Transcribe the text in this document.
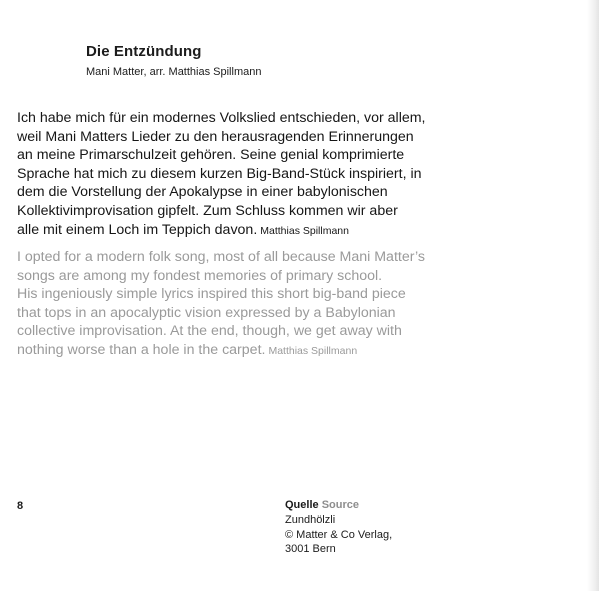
Die Entzündung
Mani Matter, arr. Matthias Spillmann
Ich habe mich für ein modernes Volkslied entschieden, vor allem,
weil Mani Matters Lieder zu den herausragenden Erinnerungen
an meine Primarschulzeit gehören. Seine genial komprimierte
Sprache hat mich zu diesem kurzen Big-Band-Stück inspiriert, in
dem die Vorstellung der Apokalypse in einer babylonischen
Kollektivimprovisation gipfelt. Zum Schluss kommen wir aber
alle mit einem Loch im Teppich davon. Matthias Spillmann
I opted for a modern folk song, most of all because Mani Matter’s
songs are among my fondest memories of primary school.
His ingeniously simple lyrics inspired this short big-band piece
that tops in an apocalyptic vision expressed by a Babylonian
collective improvisation. At the end, though, we get away with
nothing worse than a hole in the carpet. Matthias Spillmann
8	Quelle Source
Zundhölzli
© Matter & Co Verlag,
3001 Bern
